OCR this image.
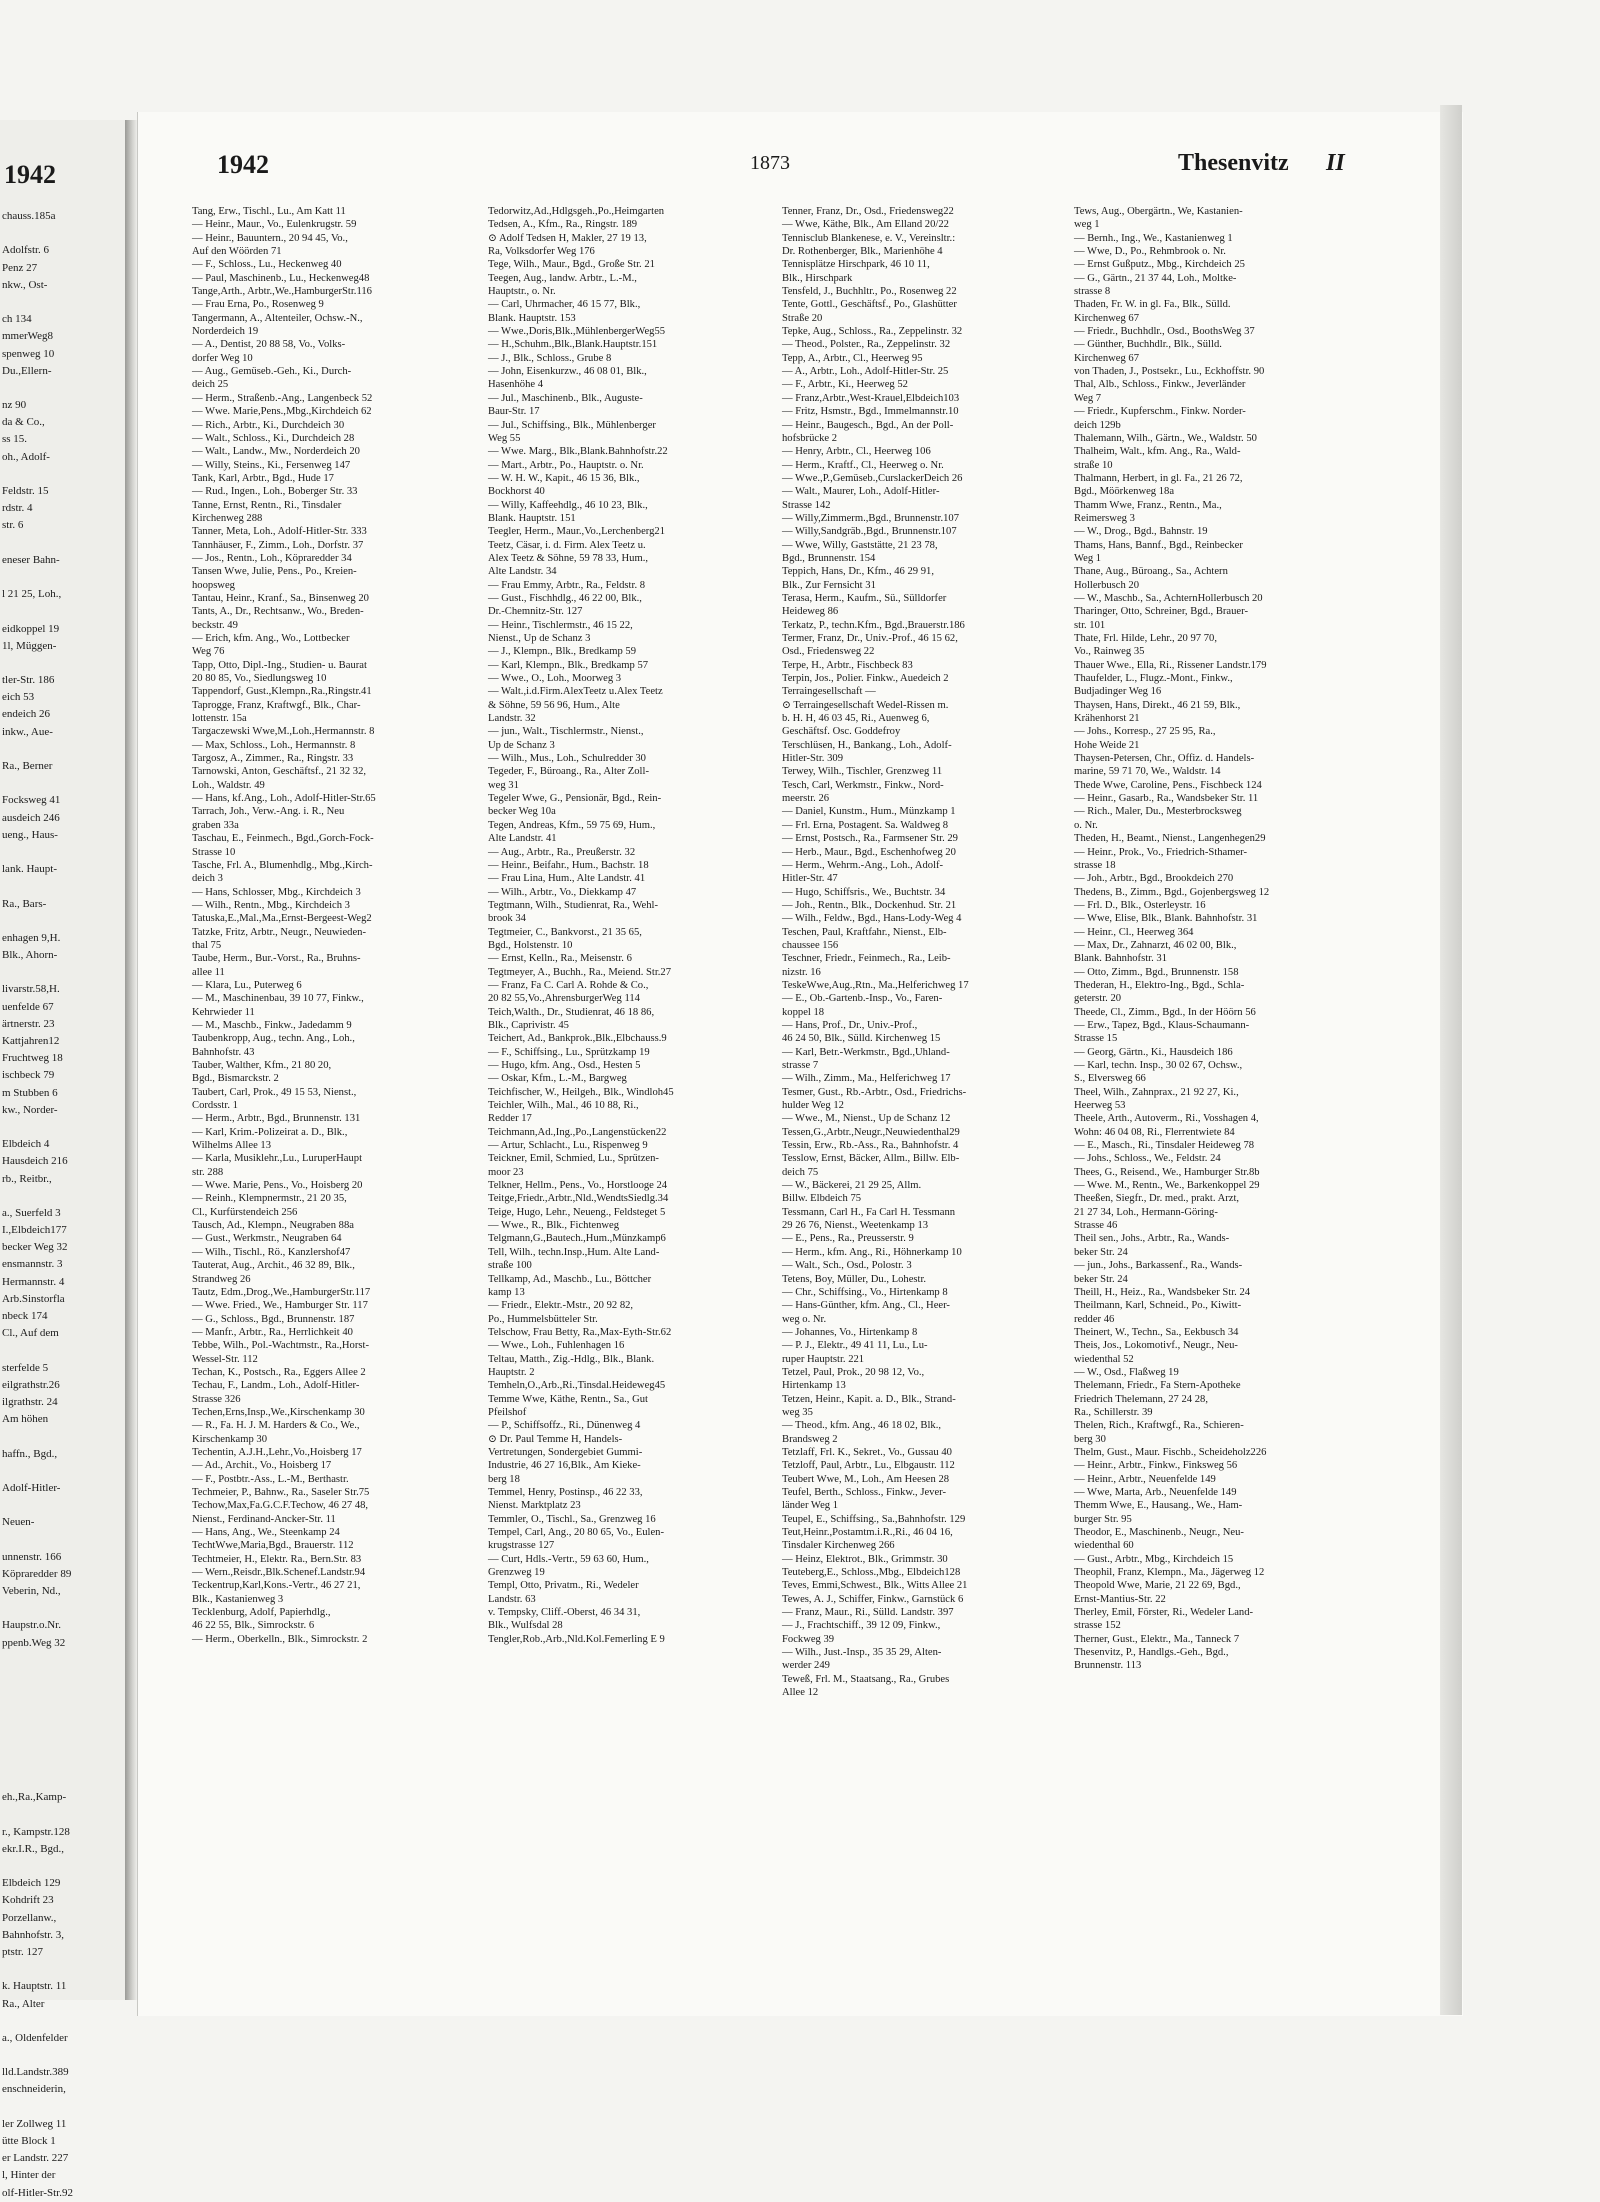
1942
chauss.185a
Adolfstr. 6
Penz 27
nkw., Ost-
ch 134
mmerWeg8
spenweg 10
Du.,Ellern-
nz 90
da & Co.,
ss 15.
oh., Adolf-
Feldstr. 15
rdstr. 4
str. 6
eneser Bahn-
l 21 25, Loh.,
eidkoppel 19
1l, Müggen-
tler-Str. 186
eich 53
endeich 26
inkw., Aue-
Ra., Berner
Focksweg 41
ausdeich 246
ueng., Haus-
lank. Haupt-
Ra., Bars-
enhagen 9,H.
Blk., Ahorn-
livarstr.58,H.
uenfelde 67
ärtnerstr. 23
Kattjahren12
Fruchtweg 18
ischbeck 79
m Stubben 6
kw., Norder-
Elbdeich 4
Hausdeich 216
rb., Reitbr.,
a., Suerfeld 3
I.,Elbdeich177
becker Weg 32
ensmannstr. 3
Hermannstr. 4
Arb.Sinstorfla
nbeck 174
Cl., Auf dem
sterfelde 5
eilgrathstr.26
ilgrathstr. 24
Am höhen
haffn., Bgd.,
Adolf-Hitler-
Neuen-
unnenstr. 166
Köpraredder 89
Veberin, Nd.,
Haupstr.o.Nr.
ppenb.Weg 32
eh.,Ra.,Kamp-
r., Kampstr.128
ekr.I.R., Bgd.,
Elbdeich 129
Kohdrift 23
Porzellanw.,
Bahnhofstr. 3,
ptstr. 127
k. Hauptstr. 11
Ra., Alter
a., Oldenfelder
lld.Landstr.389
enschneiderin,
ler Zollweg 11
ütte Block 1
er Landstr. 227
l, Hinter der
olf-Hitler-Str.92
1942	1873	Thesenvitz II
Tang, Erw., Tischl., Lu., Am Katt 11
— Heinr., Maur., Vo., Eulenkrugstr. 59
— Heinr., Bauuntern., 20 94 45, Vo.,
Auf den Wöörden 71
— F., Schloss., Lu., Heckenweg 40
— Paul, Maschinenb., Lu., Heckenweg48
Tange,Arth., Arbtr.,We.,HamburgerStr.116
— Frau Erna, Po., Rosenweg 9
Tangermann, A., Altenteiler, Ochsw.-N.,
Norderdeich 19
— A., Dentist, 20 88 58, Vo., Volks-
dorfer Weg 10
— Aug., Gemüseb.-Geh., Ki., Durch-
deich 25
— Herm., Straßenb.-Ang., Langenbeck 52
— Wwe. Marie,Pens.,Mbg.,Kirchdeich 62
— Rich., Arbtr., Ki., Durchdeich 30
— Walt., Schloss., Ki., Durchdeich 28
— Walt., Landw., Mw., Norderdeich 20
— Willy, Steins., Ki., Fersenweg 147
Tank, Karl, Arbtr., Bgd., Hude 17
— Rud., Ingen., Loh., Boberger Str. 33
Tanne, Ernst, Rentn., Ri., Tinsdaler
Kirchenweg 288
Tanner, Meta, Loh., Adolf-Hitler-Str. 333
Tannhäuser, F., Zimm., Loh., Dorfstr. 37
— Jos., Rentn., Loh., Köpraredder 34
Tansen Wwe, Julie, Pens., Po., Kreien-
hoopsweg
Tantau, Heinr., Kranf., Sa., Binsenweg 20
Tants, A., Dr., Rechtsanw., Wo., Breden-
beckstr. 49
— Erich, kfm. Ang., Wo., Lottbecker
Weg 76
Tapp, Otto, Dipl.-Ing., Studien- u. Baurat
20 80 85, Vo., Siedlungsweg 10
Tappendorf, Gust.,Klempn.,Ra.,Ringstr.41
Taprogge, Franz, Kraftwgf., Blk., Char-
lottenstr. 15a
Targaczewski Wwe,M.,Loh.,Hermannstr. 8
— Max, Schloss., Loh., Hermannstr. 8
Targosz, A., Zimmer., Ra., Ringstr. 33
Tarnowski, Anton, Geschäftsf., 21 32 32,
Loh., Waldstr. 49
— Hans, kf.Ang., Loh., Adolf-Hitler-Str.65
Tarrach, Joh., Verw.-Ang. i. R., Neu
graben 33a
Taschau, E., Feinmech., Bgd.,Gorch-Fock-
Strasse 10
Tasche, Frl. A., Blumenhdlg., Mbg.,Kirch-
deich 3
— Hans, Schlosser, Mbg., Kirchdeich 3
— Wilh., Rentn., Mbg., Kirchdeich 3
Tatuska,E.,Mal.,Ma.,Ernst-Bergeest-Weg2
Tatzke, Fritz, Arbtr., Neugr., Neuwieden-
thal 75
Taube, Herm., Bur.-Vorst., Ra., Bruhns-
allee 11
— Klara, Lu., Puterweg 6
— M., Maschinenbau, 39 10 77, Finkw.,
Kehrwieder 11
— M., Maschb., Finkw., Jadedamm 9
Taubenkropp, Aug., techn. Ang., Loh.,
Bahnhofstr. 43
Tauber, Walther, Kfm., 21 80 20,
Bgd., Bismarckstr. 2
Taubert, Carl, Prok., 49 15 53, Nienst.,
Cordsstr. 1
— Herm., Arbtr., Bgd., Brunnenstr. 131
— Karl, Krim.-Polizeirat a. D., Blk.,
Wilhelms Allee 13
— Karla, Musiklehr.,Lu., LuruperHaupt
str. 288
— Wwe. Marie, Pens., Vo., Hoisberg 20
— Reinh., Klempnermstr., 21 20 35,
Cl., Kurfürstendeich 256
Tausch, Ad., Klempn., Neugraben 88a
— Gust., Werkmstr., Neugraben 64
— Wilh., Tischl., Rö., Kanzlershof47
Tauterat, Aug., Archit., 46 32 89, Blk.,
Strandweg 26
Tautz, Edm.,Drog.,We.,HamburgerStr.117
— Wwe. Fried., We., Hamburger Str. 117
— G., Schloss., Bgd., Brunnenstr. 187
— Manfr., Arbtr., Ra., Herrlichkeit 40
Tebbe, Wilh., Pol.-Wachtmstr., Ra.,Horst-
Wessel-Str. 112
Techan, K., Postsch., Ra., Eggers Allee 2
Techau, F., Landm., Loh., Adolf-Hitler-
Strasse 326
Techen,Erns,Insp.,We.,Kirschenkamp 30
— R., Fa. H. J. M. Harders & Co., We.,
Kirschenkamp 30
Techentin, A.J.H.,Lehr.,Vo.,Hoisberg 17
— Ad., Archit., Vo., Hoisberg 17
— F., Postbtr.-Ass., L.-M., Berthastr.
Techmeier, P., Bahnw., Ra., Saseler Str.75
Techow,Max,Fa.G.C.F.Techow, 46 27 48,
Nienst., Ferdinand-Ancker-Str. 11
— Hans, Ang., We., Steenkamp 24
TechtWwe,Maria,Bgd., Brauerstr. 112
Techtmeier, H., Elektr. Ra., Bern.Str. 83
— Wern.,Reisdr.,Blk.Schenef.Landstr.94
Teckentrup,Karl,Kons.-Vertr., 46 27 21,
Blk., Kastanienweg 3
Tecklenburg, Adolf, Papierhdlg.,
46 22 55, Blk., Simrockstr. 6
— Herm., Oberkelln., Blk., Simrockstr. 2
Tedorwitz,Ad.,Hdlgsgeh.,Po.,Heimgarten
Tedsen, A., Kfm., Ra., Ringstr. 189
⊙ Adolf Tedsen H, Makler, 27 19 13,
Ra, Volksdorfer Weg 176
Tege, Wilh., Maur., Bgd., Große Str. 21
Teegen, Aug., landw. Arbtr., L.-M.,
Hauptstr., o. Nr.
— Carl, Uhrmacher, 46 15 77, Blk.,
Blank. Hauptstr. 153
— Wwe.,Doris,Blk.,MühlenbergerWeg55
— H.,Schuhm.,Blk.,Blank.Hauptstr.151
— J., Blk., Schloss., Grube 8
— John, Eisenkurzw., 46 08 01, Blk.,
Hasenhöhe 4
— Jul., Maschinenb., Blk., Auguste-
Baur-Str. 17
— Jul., Schiffsing., Blk., Mühlenberger
Weg 55
— Wwe. Marg., Blk.,Blank.Bahnhofstr.22
— Mart., Arbtr., Po., Hauptstr. o. Nr.
— W. H. W., Kapit., 46 15 36, Blk.,
Bockhorst 40
— Willy, Kaffeehdlg., 46 10 23, Blk.,
Blank. Hauptstr. 151
Teegler, Herm., Maur.,Vo.,Lerchenberg21
Teetz, Cäsar, i. d. Firm. Alex Teetz u.
Alex Teetz & Söhne, 59 78 33, Hum.,
Alte Landstr. 34
— Frau Emmy, Arbtr., Ra., Feldstr. 8
— Gust., Fischhdlg., 46 22 00, Blk.,
Dr.-Chemnitz-Str. 127
— Heinr., Tischlermstr., 46 15 22,
Nienst., Up de Schanz 3
— J., Klempn., Blk., Bredkamp 59
— Karl, Klempn., Blk., Bredkamp 57
— Wwe., O., Loh., Moorweg 3
— Walt.,i.d.Firm.AlexTeetz u.Alex Teetz
& Söhne, 59 56 96, Hum., Alte
Landstr. 32
— jun., Walt., Tischlermstr., Nienst.,
Up de Schanz 3
— Wilh., Mus., Loh., Schulredder 30
Tegeder, F., Büroang., Ra., Alter Zoll-
weg 31
Tegeler Wwe, G., Pensionär, Bgd., Rein-
becker Weg 10a
Tegen, Andreas, Kfm., 59 75 69, Hum.,
Alte Landstr. 41
— Aug., Arbtr., Ra., Preußerstr. 32
— Heinr., Beifahr., Hum., Bachstr. 18
— Frau Lina, Hum., Alte Landstr. 41
— Wilh., Arbtr., Vo., Diekkamp 47
Tegtmann, Wilh., Studienrat, Ra., Wehl-
brook 34
Tegtmeier, C., Bankvorst., 21 35 65,
Bgd., Holstenstr. 10
— Ernst, Kelln., Ra., Meisenstr. 6
Tegtmeyer, A., Buchh., Ra., Meiend. Str.27
— Franz, Fa C. Carl A. Rohde & Co.,
20 82 55,Vo.,AhrensburgerWeg 114
Teich,Walth., Dr., Studienrat, 46 18 86,
Blk., Caprivistr. 45
Teichert, Ad., Bankprok.,Blk.,Elbchauss.9
— F., Schiffsing., Lu., Sprützkamp 19
— Hugo, kfm. Ang., Osd., Hesten 5
— Oskar, Kfm., L.-M., Bargweg
Teichfischer, W., Heilgeh., Blk., Windloh45
Teichler, Wilh., Mal., 46 10 88, Ri.,
Redder 17
Teichmann,Ad.,Ing.,Po.,Langenstücken22
— Artur, Schlacht., Lu., Rispenweg 9
Teickner, Emil, Schmied, Lu., Sprützen-
moor 23
Telkner, Hellm., Pens., Vo., Horstlooge 24
Teitge,Friedr.,Arbtr.,Nld.,WendtsSiedlg.34
Teige, Hugo, Lehr., Neueng., Feldsteget 5
— Wwe., R., Blk., Fichtenweg
Telgmann,G.,Bautech.,Hum.,Münzkamp6
Tell, Wilh., techn.Insp.,Hum. Alte Land-
straße 100
Tellkamp, Ad., Maschb., Lu., Böttcher
kamp 13
— Friedr., Elektr.-Mstr., 20 92 82,
Po., Hummelsbütteler Str.
Telschow, Frau Betty, Ra.,Max-Eyth-Str.62
— Wwe., Loh., Fuhlenhagen 16
Teltau, Matth., Zig.-Hdlg., Blk., Blank.
Hauptstr. 2
Temheln,O.,Arb.,Ri.,Tinsdal.Heideweg45
Temme Wwe, Käthe, Rentn., Sa., Gut
Pfeilshof
— P., Schiffsoffz., Ri., Dünenweg 4
⊙ Dr. Paul Temme H, Handels-
Vertretungen, Sondergebiet Gummi-
Industrie, 46 27 16,Blk., Am Kieke-
berg 18
Temmel, Henry, Postinsp., 46 22 33,
Nienst. Marktplatz 23
Temmler, O., Tischl., Sa., Grenzweg 16
Tempel, Carl, Ang., 20 80 65, Vo., Eulen-
krugstrasse 127
— Curt, Hdls.-Vertr., 59 63 60, Hum.,
Grenzweg 19
Templ, Otto, Privatm., Ri., Wedeler
Landstr. 63
v. Tempsky, Cliff.-Oberst, 46 34 31,
Blk., Wulfsdal 28
Tengler,Rob.,Arb.,Nld.Kol.Femerling E 9
Tenner, Franz, Dr., Osd., Friedensweg22
— Wwe, Käthe, Blk., Am Elland 20/22
Tennisclub Blankenese, e. V., Vereinsltr.:
Dr. Rothenberger, Blk., Marienhöhe 4
Tennisplätze Hirschpark, 46 10 11,
Blk., Hirschpark
Tensfeld, J., Buchhltr., Po., Rosenweg 22
Tente, Gottl., Geschäftsf., Po., Glashütter
Straße 20
Tepke, Aug., Schloss., Ra., Zeppelinstr. 32
— Theod., Polster., Ra., Zeppelinstr. 32
Tepp, A., Arbtr., Cl., Heerweg 95
— A., Arbtr., Loh., Adolf-Hitler-Str. 25
— F., Arbtr., Ki., Heerweg 52
— Franz,Arbtr.,West-Krauel,Elbdeich103
— Fritz, Hsmstr., Bgd., Immelmannstr.10
— Heinr., Baugesch., Bgd., An der Poll-
hofsbrücke 2
— Henry, Arbtr., Cl., Heerweg 106
— Herm., Kraftf., Cl., Heerweg o. Nr.
— Wwe.,P.,Gemüseb.,CurslackerDeich 26
— Walt., Maurer, Loh., Adolf-Hitler-
Strasse 142
— Willy,Zimmerm.,Bgd., Brunnenstr.107
— Willy,Sandgräb.,Bgd., Brunnenstr.107
— Wwe, Willy, Gaststätte, 21 23 78,
Bgd., Brunnenstr. 154
Teppich, Hans, Dr., Kfm., 46 29 91,
Blk., Zur Fernsicht 31
Terasa, Herm., Kaufm., Sü., Sülldorfer
Heideweg 86
Terkatz, P., techn.Kfm., Bgd.,Brauerstr.186
Termer, Franz, Dr., Univ.-Prof., 46 15 62,
Osd., Friedensweg 22
Terpe, H., Arbtr., Fischbeck 83
Terpin, Jos., Polier. Finkw., Auedeich 2
Terraingesellschaft —
⊙ Terraingesellschaft Wedel-Rissen m.
b. H. H, 46 03 45, Ri., Auenweg 6,
Geschäftsf. Osc. Goddefroy
Terschlüsen, H., Bankang., Loh., Adolf-
Hitler-Str. 309
Terwey, Wilh., Tischler, Grenzweg 11
Tesch, Carl, Werkmstr., Finkw., Nord-
meerstr. 26
— Daniel, Kunstm., Hum., Münzkamp 1
— Frl. Erna, Postagent. Sa. Waldweg 8
— Ernst, Postsch., Ra., Farmsener Str. 29
— Herb., Maur., Bgd., Eschenhofweg 20
— Herm., Wehrm.-Ang., Loh., Adolf-
Hitler-Str. 47
— Hugo, Schiffsris., We., Buchtstr. 34
— Joh., Rentn., Blk., Dockenhud. Str. 21
— Wilh., Feldw., Bgd., Hans-Lody-Weg 4
Teschen, Paul, Kraftfahr., Nienst., Elb-
chaussee 156
Teschner, Friedr., Feinmech., Ra., Leib-
nizstr. 16
TeskeWwe,Aug.,Rtn., Ma.,Helferichweg 17
— E., Ob.-Gartenb.-Insp., Vo., Faren-
koppel 18
— Hans, Prof., Dr., Univ.-Prof.,
46 24 50, Blk., Sülld. Kirchenweg 15
— Karl, Betr.-Werkmstr., Bgd.,Uhland-
strasse 7
— Wilh., Zimm., Ma., Helferichweg 17
Tesmer, Gust., Rb.-Arbtr., Osd., Friedrichs-
hulder Weg 12
— Wwe., M., Nienst., Up de Schanz 12
Tessen,G.,Arbtr.,Neugr.,Neuwiedenthal29
Tessin, Erw., Rb.-Ass., Ra., Bahnhofstr. 4
Tesslow, Ernst, Bäcker, Allm., Billw. Elb-
deich 75
— W., Bäckerei, 21 29 25, Allm.
Billw. Elbdeich 75
Tessmann, Carl H., Fa Carl H. Tessmann
29 26 76, Nienst., Weetenkamp 13
— E., Pens., Ra., Preusserstr. 9
— Herm., kfm. Ang., Ri., Höhnerkamp 10
— Walt., Sch., Osd., Polostr. 3
Tetens, Boy, Müller, Du., Lohestr.
— Chr., Schiffsing., Vo., Hirtenkamp 8
— Hans-Günther, kfm. Ang., Cl., Heer-
weg o. Nr.
— Johannes, Vo., Hirtenkamp 8
— P. J., Elektr., 49 41 11, Lu., Lu-
ruper Hauptstr. 221
Tetzel, Paul, Prok., 20 98 12, Vo.,
Hirtenkamp 13
Tetzen, Heinr., Kapit. a. D., Blk., Strand-
weg 35
— Theod., kfm. Ang., 46 18 02, Blk.,
Brandsweg 2
Tetzlaff, Frl. K., Sekret., Vo., Gussau 40
Tetzloff, Paul, Arbtr., Lu., Elbgaustr. 112
Teubert Wwe, M., Loh., Am Heesen 28
Teufel, Berth., Schloss., Finkw., Jever-
länder Weg 1
Teupel, E., Schiffsing., Sa.,Bahnhofstr. 129
Teut,Heinr.,Postamtm.i.R.,Ri., 46 04 16,
Tinsdaler Kirchenweg 266
— Heinz, Elektrot., Blk., Grimmstr. 30
Teuteberg,E., Schloss.,Mbg., Elbdeich128
Teves, Emmi,Schwest., Blk., Witts Allee 21
Tewes, A. J., Schiffer, Finkw., Garnstück 6
— Franz, Maur., Ri., Sülld. Landstr. 397
— J., Frachtschiff., 39 12 09, Finkw.,
Fockweg 39
— Wilh., Just.-Insp., 35 35 29, Alten-
werder 249
Teweß, Frl. M., Staatsang., Ra., Grubes
Allee 12
Tews, Aug., Obergärtn., We, Kastanien-
weg 1
— Bernh., Ing., We., Kastanienweg 1
— Wwe, D., Po., Rehmbrook o. Nr.
— Ernst Gußputz., Mbg., Kirchdeich 25
— G., Gärtn., 21 37 44, Loh., Moltke-
strasse 8
Thaden, Fr. W. in gl. Fa., Blk., Sülld.
Kirchenweg 67
— Friedr., Buchhdlr., Osd., BoothsWeg 37
— Günther, Buchhdlr., Blk., Sülld.
Kirchenweg 67
von Thaden, J., Postsekr., Lu., Eckhoffstr. 90
Thal, Alb., Schloss., Finkw., Jeverländer
Weg 7
— Friedr., Kupferschm., Finkw. Norder-
deich 129b
Thalemann, Wilh., Gärtn., We., Waldstr. 50
Thalheim, Walt., kfm. Ang., Ra., Wald-
straße 10
Thalmann, Herbert, in gl. Fa., 21 26 72,
Bgd., Möörkenweg 18a
Thamm Wwe, Franz., Rentn., Ma.,
Reimersweg 3
— W., Drog., Bgd., Bahnstr. 19
Thams, Hans, Bannf., Bgd., Reinbecker
Weg 1
Thane, Aug., Büroang., Sa., Achtern
Hollerbusch 20
— W., Maschb., Sa., AchternHollerbusch 20
Tharinger, Otto, Schreiner, Bgd., Brauer-
str. 101
Thate, Frl. Hilde, Lehr., 20 97 70,
Vo., Rainweg 35
Thauer Wwe., Ella, Ri., Rissener Landstr.179
Thaufelder, L., Flugz.-Mont., Finkw.,
Budjadinger Weg 16
Thaysen, Hans, Direkt., 46 21 59, Blk.,
Krähenhorst 21
— Johs., Korresp., 27 25 95, Ra.,
Hohe Weide 21
Thaysen-Petersen, Chr., Offiz. d. Handels-
marine, 59 71 70, We., Waldstr. 14
Thede Wwe, Caroline, Pens., Fischbeck 124
— Heinr., Gasarb., Ra., Wandsbeker Str. 11
— Rich., Maler, Du., Mesterbrocksweg
o. Nr.
Theden, H., Beamt., Nienst., Langenhegen29
— Heinr., Prok., Vo., Friedrich-Sthamer-
strasse 18
— Joh., Arbtr., Bgd., Brookdeich 270
Thedens, B., Zimm., Bgd., Gojenbergsweg 12
— Frl. D., Blk., Osterleystr. 16
— Wwe, Elise, Blk., Blank. Bahnhofstr. 31
— Heinr., Cl., Heerweg 364
— Max, Dr., Zahnarzt, 46 02 00, Blk.,
Blank. Bahnhofstr. 31
— Otto, Zimm., Bgd., Brunnenstr. 158
Thederan, H., Elektro-Ing., Bgd., Schla-
geterstr. 20
Theede, Cl., Zimm., Bgd., In der Höörn 56
— Erw., Tapez, Bgd., Klaus-Schaumann-
Strasse 15
— Georg, Gärtn., Ki., Hausdeich 186
— Karl, techn. Insp., 30 02 67, Ochsw.,
S., Elversweg 66
Theel, Wilh., Zahnprax., 21 92 27, Ki.,
Heerweg 53
Theele, Arth., Autoverm., Ri., Vosshagen 4,
Wohn: 46 04 08, Ri., Flerrentwiete 84
— E., Masch., Ri., Tinsdaler Heideweg 78
— Johs., Schloss., We., Feldstr. 24
Thees, G., Reisend., We., Hamburger Str.8b
— Wwe. M., Rentn., We., Barkenkoppel 29
Theeßen, Siegfr., Dr. med., prakt. Arzt,
21 27 34, Loh., Hermann-Göring-
Strasse 46
Theil sen., Johs., Arbtr., Ra., Wands-
beker Str. 24
— jun., Johs., Barkassenf., Ra., Wands-
beker Str. 24
Theill, H., Heiz., Ra., Wandsbeker Str. 24
Theilmann, Karl, Schneid., Po., Kiwitt-
redder 46
Theinert, W., Techn., Sa., Eekbusch 34
Theis, Jos., Lokomotivf., Neugr., Neu-
wiedenthal 52
— W., Osd., Flaßweg 19
Thelemann, Friedr., Fa Stern-Apotheke
Friedrich Thelemann, 27 24 28,
Ra., Schillerstr. 39
Thelen, Rich., Kraftwgf., Ra., Schieren-
berg 30
Thelm, Gust., Maur. Fischb., Scheideholz226
— Heinr., Arbtr., Finkw., Finksweg 56
— Heinr., Arbtr., Neuenfelde 149
— Wwe, Marta, Arb., Neuenfelde 149
Themm Wwe, E., Hausang., We., Ham-
burger Str. 95
Theodor, E., Maschinenb., Neugr., Neu-
wiedenthal 60
— Gust., Arbtr., Mbg., Kirchdeich 15
Theophil, Franz, Klempn., Ma., Jägerweg 12
Theopold Wwe, Marie, 21 22 69, Bgd.,
Ernst-Mantius-Str. 22
Therley, Emil, Förster, Ri., Wedeler Land-
strasse 152
Therner, Gust., Elektr., Ma., Tanneck 7
Thesenvitz, P., Handlgs.-Geh., Bgd.,
Brunnenstr. 113
